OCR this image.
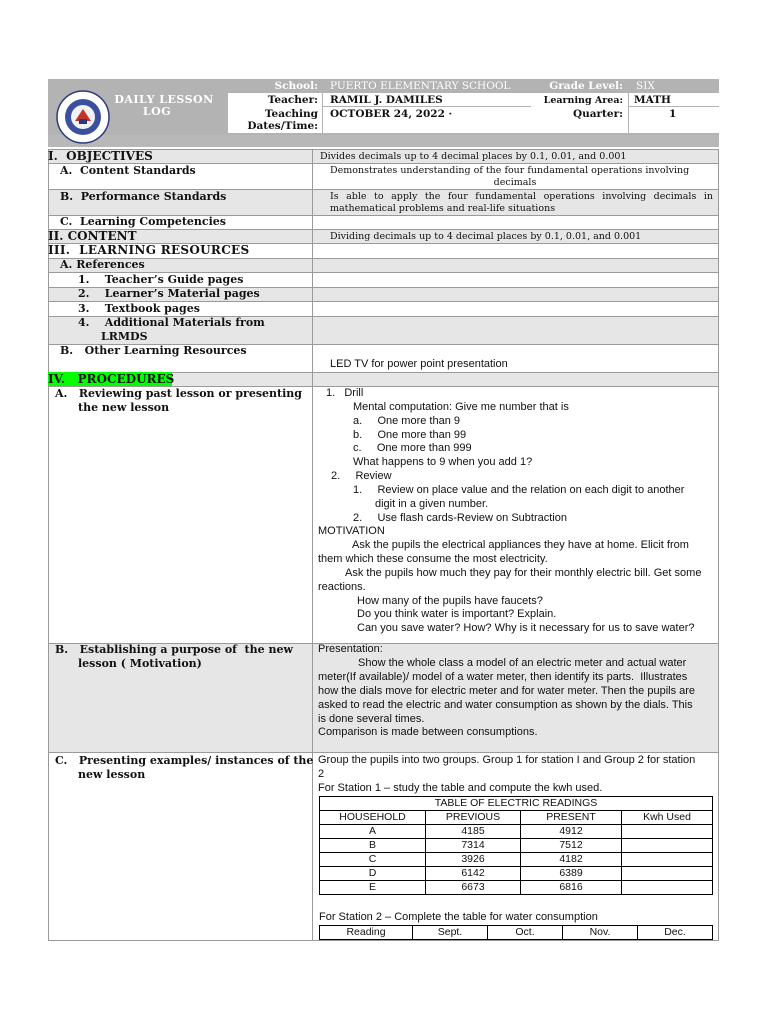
DAILY LESSON
LOG
School: PUERTO ELEMENTARY SCHOOL	Grade Level: SIX
Teacher: RAMIL J. DAMILES	Learning Area: MATH
Teaching
Dates/Time:
OCTOBER 24, 2022 ·	Quarter:	1
I.  OBJECTIVES	Divides decimals up to 4 decimal places by 0.1, 0.01, and 0.001
A.  Content Standards	Demonstrates understanding of the four fundamental operations involving
decimals
B.  Performance Standards	Is able to apply the four fundamental operations involving decimals in
mathematical problems and real-life situations
C.  Learning Competencies
II. CONTENT	Dividing decimals up to 4 decimal places by 0.1, 0.01, and 0.001
III.  LEARNING RESOURCES
A. References
1.    Teacher’s Guide pages
2.    Learner’s Material pages
3.    Textbook pages
4.    Additional Materials from
LRMDS
B.   Other Learning Resources
LED TV for power point presentation
IV.   PROCEDURES
A.   Reviewing past lesson or presenting
the new lesson
1.   Drill
Mental computation: Give me number that is
a.     One more than 9
b.     One more than 99
c.     One more than 999
What happens to 9 when you add 1?
2.     Review
1.     Review on place value and the relation on each digit to another
digit in a given number.
2.     Use flash cards-Review on Subtraction
MOTIVATION
Ask the pupils the electrical appliances they have at home. Elicit from
them which these consume the most electricity.
Ask the pupils how much they pay for their monthly electric bill. Get some
reactions.
How many of the pupils have faucets?
Do you think water is important? Explain.
Can you save water? How? Why is it necessary for us to save water?
B.   Establishing a purpose of  the new
lesson ( Motivation)
Presentation:
Show the whole class a model of an electric meter and actual water
meter(If available)/ model of a water meter, then identify its parts.  Illustrates
how the dials move for electric meter and for water meter. Then the pupils are
asked to read the electric and water consumption as shown by the dials. This
is done several times.
Comparison is made between consumptions.
C.   Presenting examples/ instances of the
new lesson
Group the pupils into two groups. Group 1 for station I and Group 2 for station
2
For Station 1 – study the table and compute the kwh used.
TABLE OF ELECTRIC READINGS			
HOUSEHOLD	PREVIOUS	PRESENT	Kwh Used
A	4185	4912	
B	7314	7512	
C	3926	4182	
D	6142	6389	
E	6673	6816	
For Station 2 – Complete the table for water consumption
Reading	Sept.	Oct.	Nov.	Dec.
